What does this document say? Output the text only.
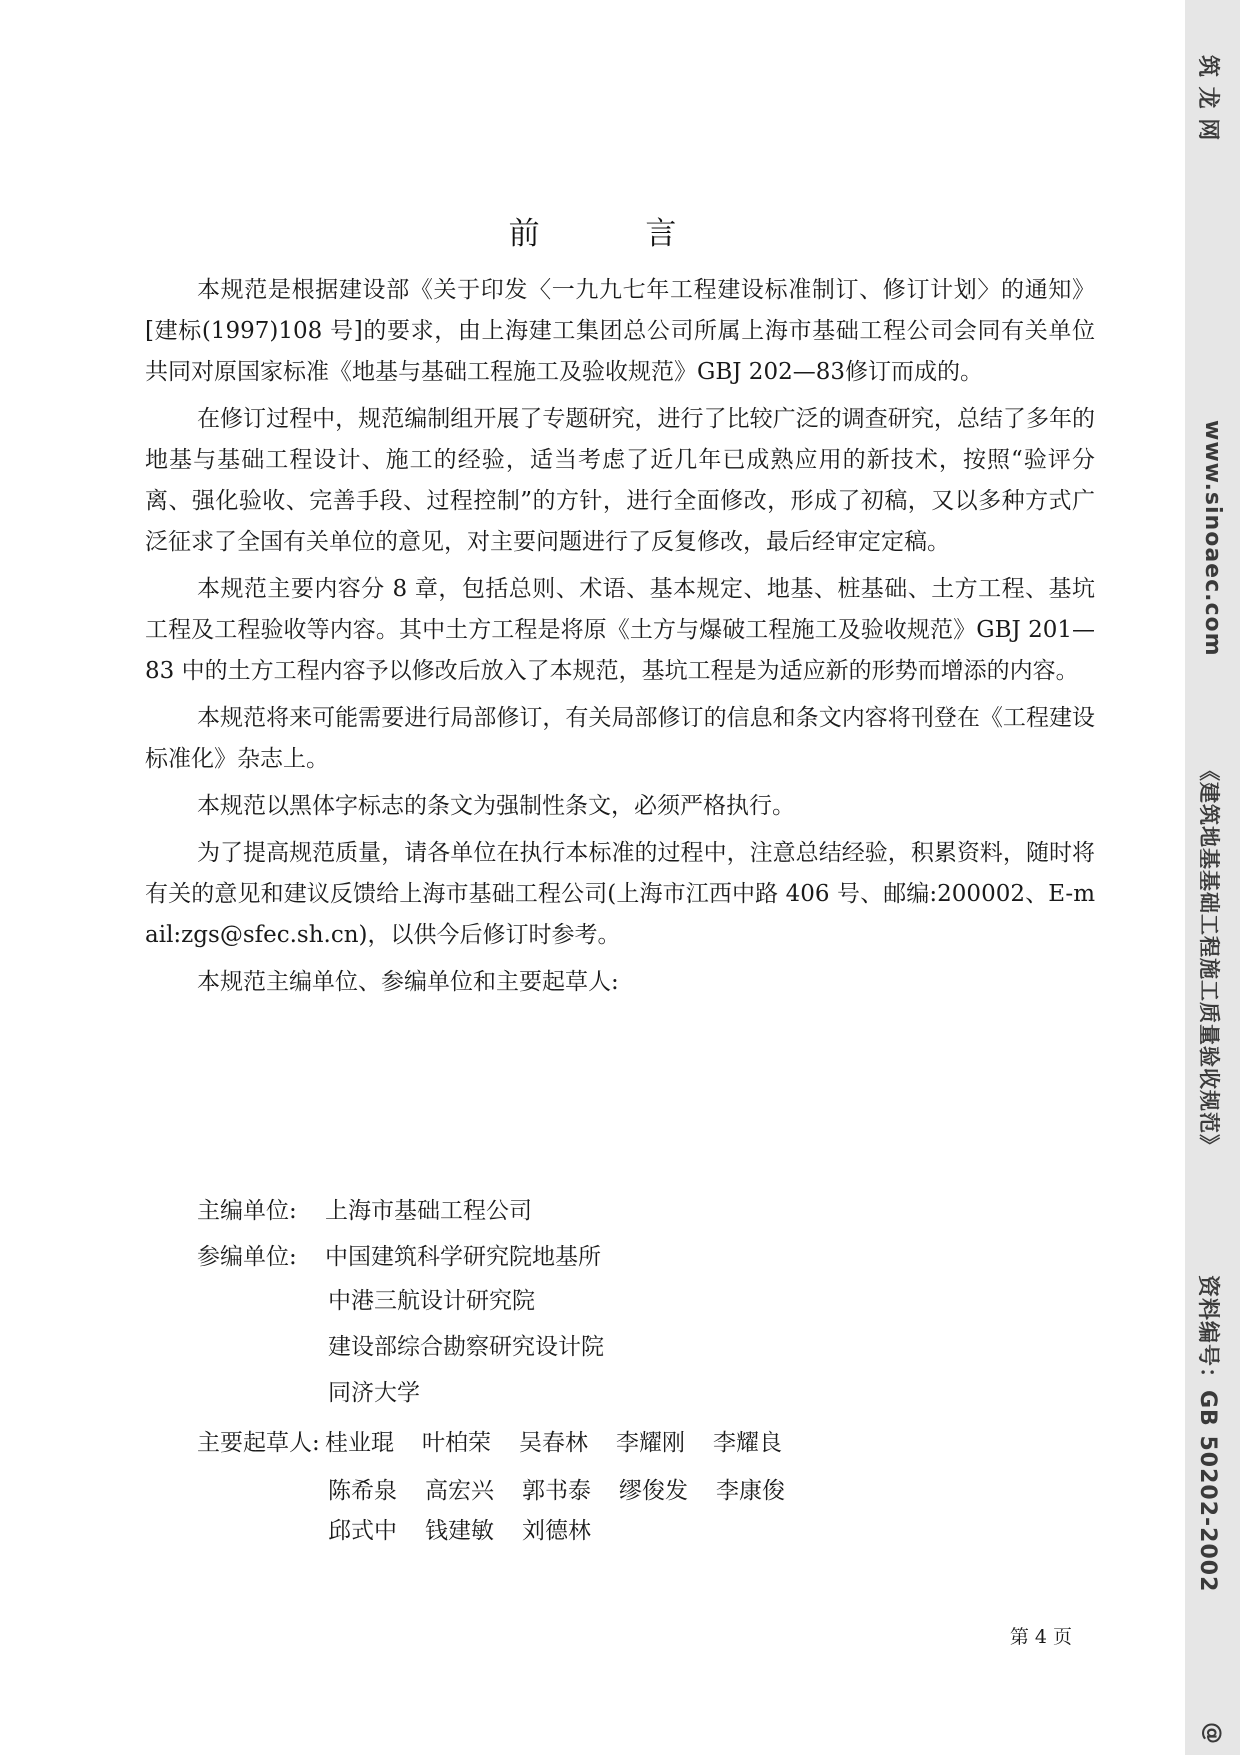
前 言

本规范是根据建设部《关于印发〈一九九七年工程建设标准制订、修订计划〉的通知》[建标(1997)108 号]的要求，由上海建工集团总公司所属上海市基础工程公司会同有关单位共同对原国家标准《地基与基础工程施工及验收规范》GBJ 202—83修订而成的。

在修订过程中，规范编制组开展了专题研究，进行了比较广泛的调查研究，总结了多年的地基与基础工程设计、施工的经验，适当考虑了近几年已成熟应用的新技术，按照“验评分离、强化验收、完善手段、过程控制”的方针，进行全面修改，形成了初稿，又以多种方式广泛征求了全国有关单位的意见，对主要问题进行了反复修改，最后经审定定稿。

本规范主要内容分 8 章，包括总则、术语、基本规定、地基、桩基础、土方工程、基坑工程及工程验收等内容。其中土方工程是将原《土方与爆破工程施工及验收规范》GBJ 201—83 中的土方工程内容予以修改后放入了本规范，基坑工程是为适应新的形势而增添的内容。

本规范将来可能需要进行局部修订，有关局部修订的信息和条文内容将刊登在《工程建设标准化》杂志上。

本规范以黑体字标志的条文为强制性条文，必须严格执行。

为了提高规范质量，请各单位在执行本标准的过程中，注意总结经验，积累资料，随时将有关的意见和建议反馈给上海市基础工程公司(上海市江西中路 406 号、邮编:200002、E-mail:zgs@sfec.sh.cn)，以供今后修订时参考。

本规范主编单位、参编单位和主要起草人:

主编单位: 上海市基础工程公司
参编单位: 中国建筑科学研究院地基所
中港三航设计研究院
建设部综合勘察研究设计院
同济大学
主要起草人: 桂业琨 叶柏荣 吴春林 李耀刚 李耀良
陈希泉 高宏兴 郭书泰 缪俊发 李康俊
邱式中 钱建敏 刘德林
第 4 页
筑 龙 网
www.sinoaec.com
《建筑地基基础工程施工质量验收规范》
资料编号：GB 50202-2002
@
